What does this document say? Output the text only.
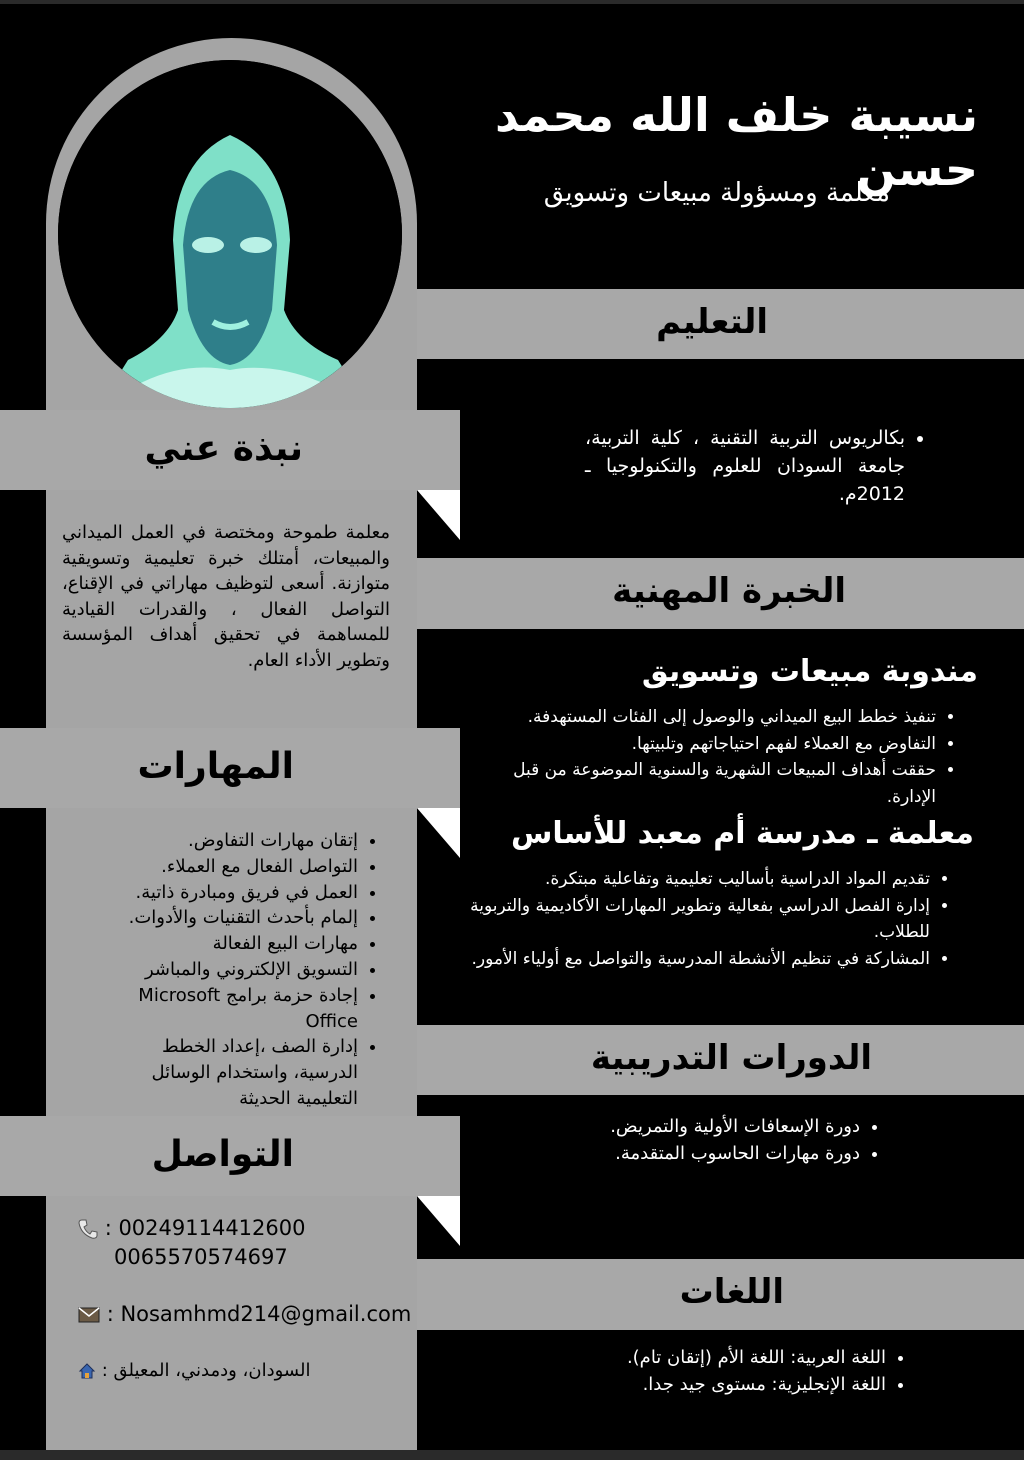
نسيبة خلف الله محمد حسن
معلمة ومسؤولة مبيعات وتسويق
التعليم
• بكالريوس التربية التقنية ، كلية التربية، جامعة السودان للعلوم والتكنولوجيا ـ 2012م.
نبذة عني
معلمة طموحة ومختصة في العمل الميداني والمبيعات، أمتلك خبرة تعليمية وتسويقية متوازنة. أسعى لتوظيف مهاراتي في الإقناع، التواصل الفعال ، والقدرات القيادية للمساهمة في تحقيق أهداف المؤسسة وتطوير الأداء العام.
الخبرة المهنية
مندوبة مبيعات وتسويق
• تنفيذ خطط البيع الميداني والوصول إلى الفئات المستهدفة.
• التفاوض مع العملاء لفهم احتياجاتهم وتلبيتها.
• حققت أهداف المبيعات الشهرية والسنوية الموضوعة من قبل الإدارة.
معلمة ـ مدرسة أم معبد للأساس
• تقديم المواد الدراسية بأساليب تعليمية وتفاعلية مبتكرة.
• إدارة الفصل الدراسي بفعالية وتطوير المهارات الأكاديمية والتربوية للطلاب.
• المشاركة في تنظيم الأنشطة المدرسية والتواصل مع أولياء الأمور.
المهارات
• إتقان مهارات التفاوض.
• التواصل الفعال مع العملاء.
• العمل في فريق ومبادرة ذاتية.
• إلمام بأحدث التقنيات والأدوات.
• مهارات البيع الفعالة
• التسويق الإلكتروني والمباشر
• إجادة حزمة برامج Microsoft Office
• إدارة الصف ،إعداد الخطط الدرسية، واستخدام الوسائل التعليمية الحديثة
الدورات التدريبية
• دورة الإسعافات الأولية والتمريض.
• دورة مهارات الحاسوب المتقدمة.
التواصل
: 00249114412600
0065570574697
: Nosamhmd214@gmail.com
السودان، ودمدني، المعيلق :
اللغات
• اللغة العربية: اللغة الأم (إتقان تام).
• اللغة الإنجليزية: مستوى جيد جدا.
